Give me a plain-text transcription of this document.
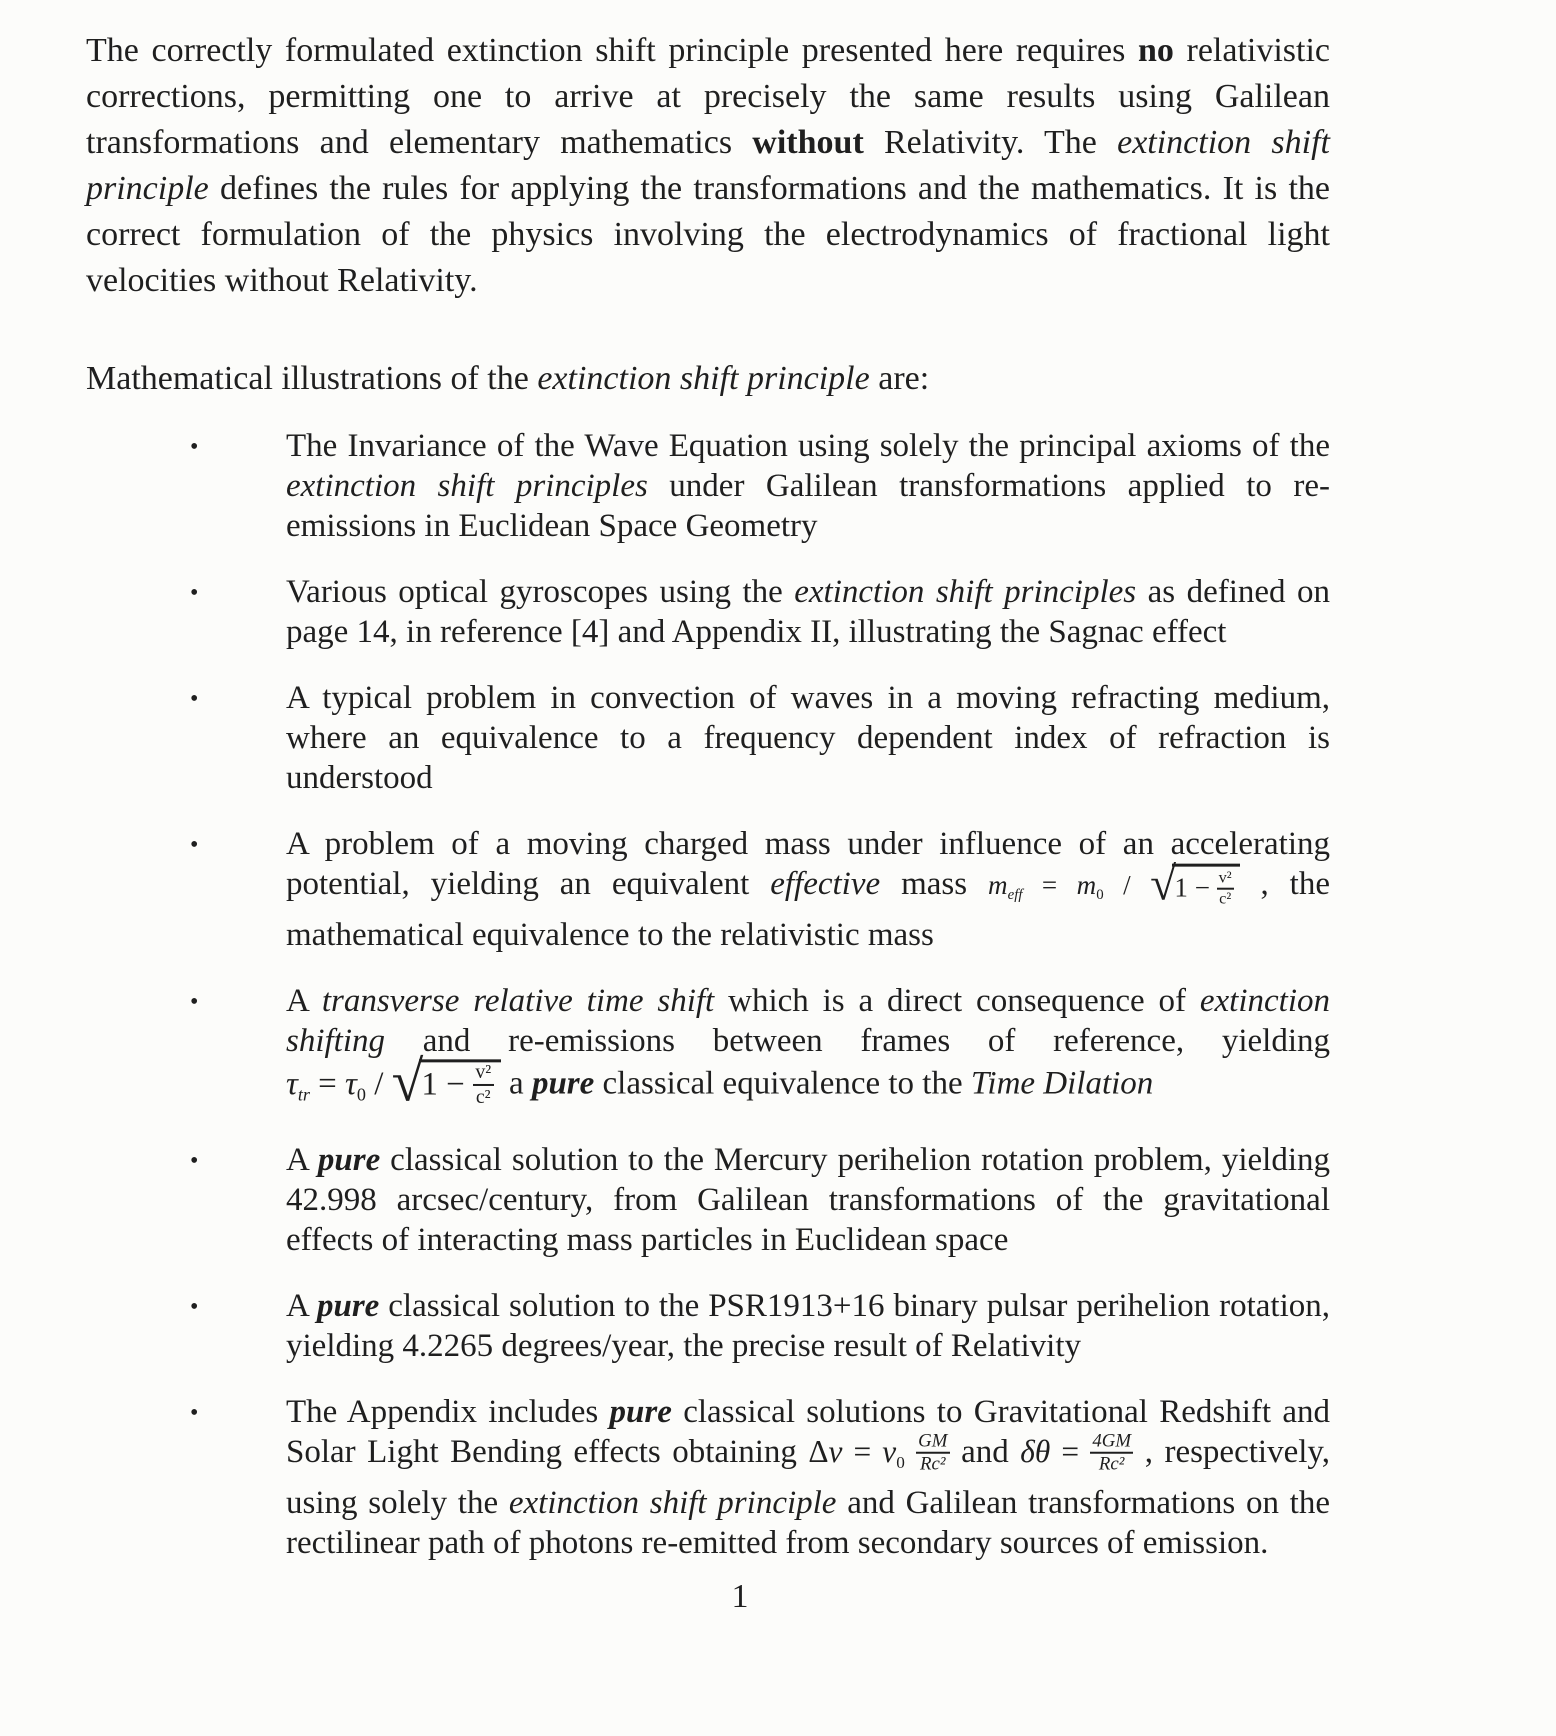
The correctly formulated extinction shift principle presented here requires no relativistic corrections, permitting one to arrive at precisely the same results using Galilean transformations and elementary mathematics without Relativity. The extinction shift principle defines the rules for applying the transformations and the mathematics. It is the correct formulation of the physics involving the electrodynamics of fractional light velocities without Relativity.

Mathematical illustrations of the extinction shift principle are:

•	The Invariance of the Wave Equation using solely the principal axioms of the extinction shift principles under Galilean transformations applied to re-emissions in Euclidean Space Geometry
•	Various optical gyroscopes using the extinction shift principles as defined on page 14, in reference [4] and Appendix II, illustrating the Sagnac effect
•	A typical problem in convection of waves in a moving refracting medium, where an equivalence to a frequency dependent index of refraction is understood
•	A problem of a moving charged mass under influence of an accelerating potential, yielding an equivalent effective mass meff = $m0 / √1 - \frac{\text{v²}}{\text{c²}}$ , the mathematical equivalence to the relativistic mass
•	A transverse relative time shift which is a direct consequence of extinction shifting and re-emissions between frames of reference, yielding $\tau tr = \tau 0 / √1 - \frac{\text{v²}}{\text{c²}}$ a pure classical equivalence to the Time Dilation
•	A pure classical solution to the Mercury perihelion rotation problem, yielding 42.998 arcsec/century, from Galilean transformations of the gravitational effects of interacting mass particles in Euclidean space
•	A pure classical solution to the PSR1913+16 binary pulsar perihelion rotation, yielding 4.2265 degrees/year, the precise result of Relativity
•	The Appendix includes pure classical solutions to Gravitational Redshift and Solar Light Bending effects obtaining $\Delta\nu = \nu 0 \frac{GM}{\text{Rc²}}$ and $\delta\theta = \frac{4GM}{\text{Rc²}}$ , respectively, using solely the extinction shift principle and Galilean transformations on the rectilinear path of photons re-emitted from secondary sources of emission.
1
